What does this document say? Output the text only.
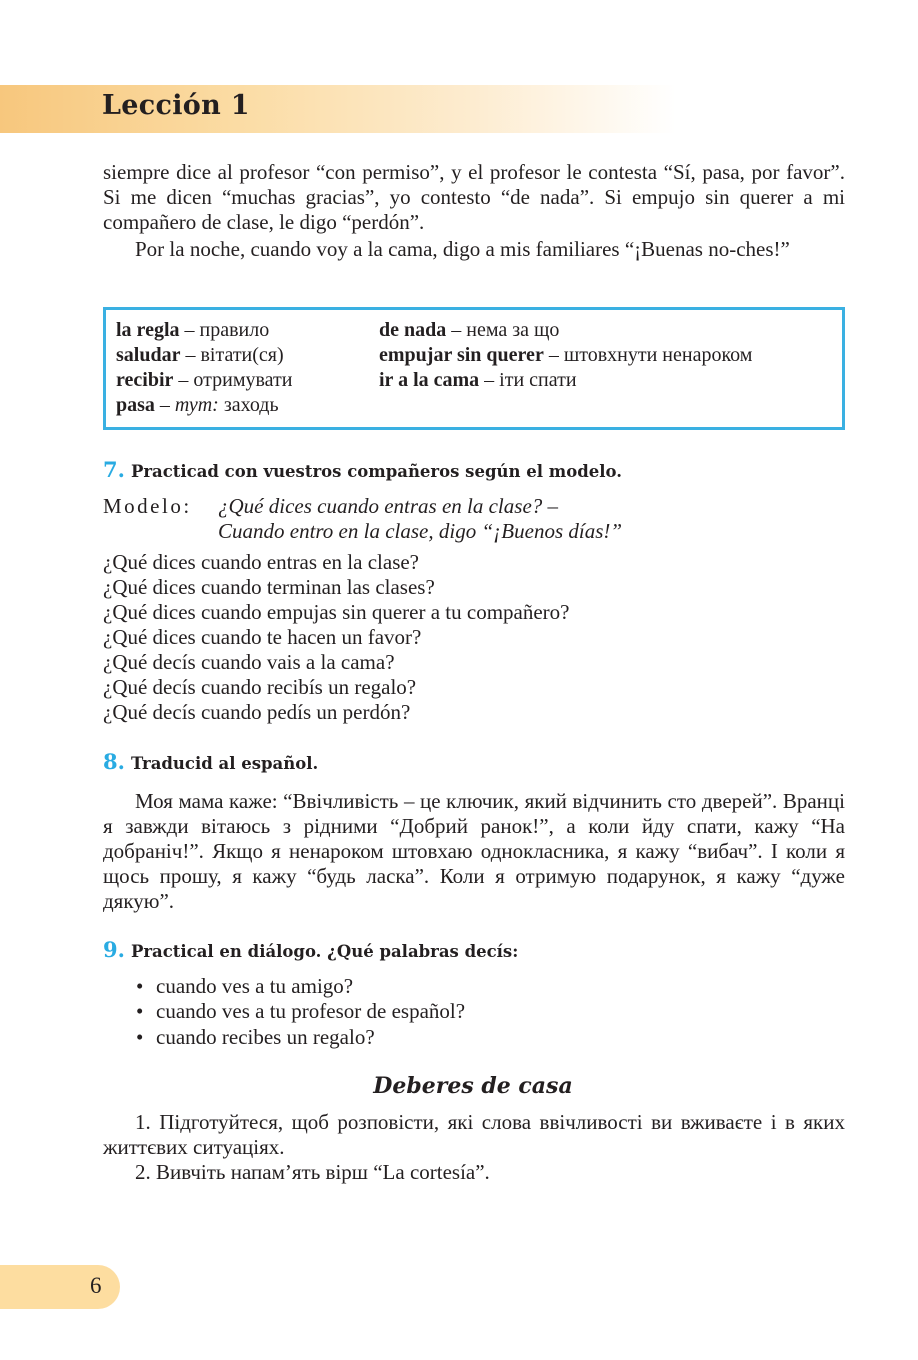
Lección 1

siempre dice al profesor “con permiso”, y el profesor le contesta “Sí, pasa, por favor”. Si me dicen “muchas gracias”, yo contesto “de nada”. Si empujo sin querer a mi compañero de clase, le digo “perdón”.

Por la noche, cuando voy a la cama, digo a mis familiares “¡Buenas no-ches!”

la regla – правило
saludar – вітати(ся)
recibir – отримувати
pasa – тут: заходь
de nada – нема за що
empujar sin querer – штовхнути ненароком
ir a la cama – іти спати
7. Practicad con vuestros compañeros según el modelo.
Modelo: ¿Qué dices cuando entras en la clase? –
Cuando entro en la clase, digo “¡Buenos días!”
¿Qué dices cuando entras en la clase?
¿Qué dices cuando terminan las clases?
¿Qué dices cuando empujas sin querer a tu compañero?
¿Qué dices cuando te hacen un favor?
¿Qué decís cuando vais a la cama?
¿Qué decís cuando recibís un regalo?
¿Qué decís cuando pedís un perdón?
8. Traducid al español.

Моя мама каже: “Ввічливість – це ключик, який відчинить сто дверей”. Вранці я завжди вітаюсь з рідними “Добрий ранок!”, а коли йду спати, кажу “На добраніч!”. Якщо я ненароком штовхаю однокласника, я кажу “вибач”. І коли я щось прошу, я кажу “будь ласка”. Коли я отримую подарунок, я кажу “дуже дякую”.

9. Practical en diálogo. ¿Qué palabras decís:
• cuando ves a tu amigo?
• cuando ves a tu profesor de español?
• cuando recibes un regalo?
Deberes de casa

1. Підготуйтеся, щоб розповісти, які слова ввічливості ви вживаєте і в яких життєвих ситуаціях.

2. Вивчіть напам’ять вірш “La cortesía”.

6
